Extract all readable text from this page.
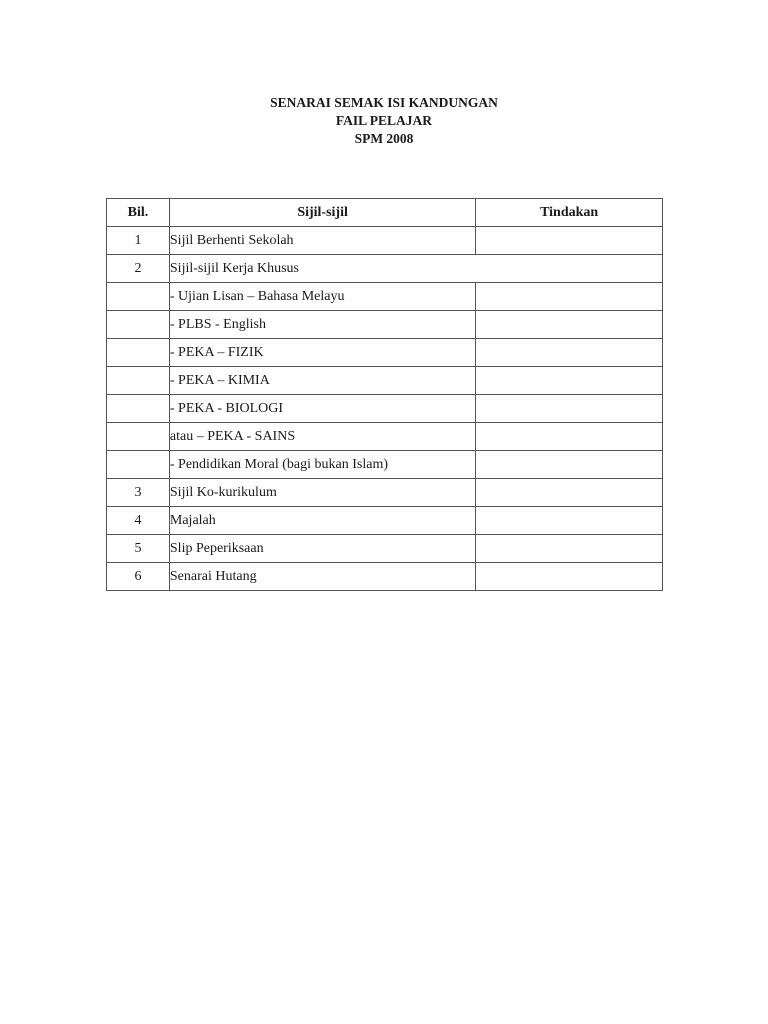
SENARAI SEMAK ISI KANDUNGAN
FAIL PELAJAR
SPM 2008
Bil.	Sijil-sijil	Tindakan
1	Sijil Berhenti Sekolah	
2	Sijil-sijil Kerja Khusus	
	- Ujian Lisan – Bahasa Melayu	
	- PLBS - English	
	- PEKA – FIZIK	
	- PEKA – KIMIA	
	- PEKA - BIOLOGI	
	atau – PEKA - SAINS	
	- Pendidikan Moral (bagi bukan Islam)	
3	Sijil Ko-kurikulum	
4	Majalah	
5	Slip Peperiksaan	
6	Senarai Hutang	
